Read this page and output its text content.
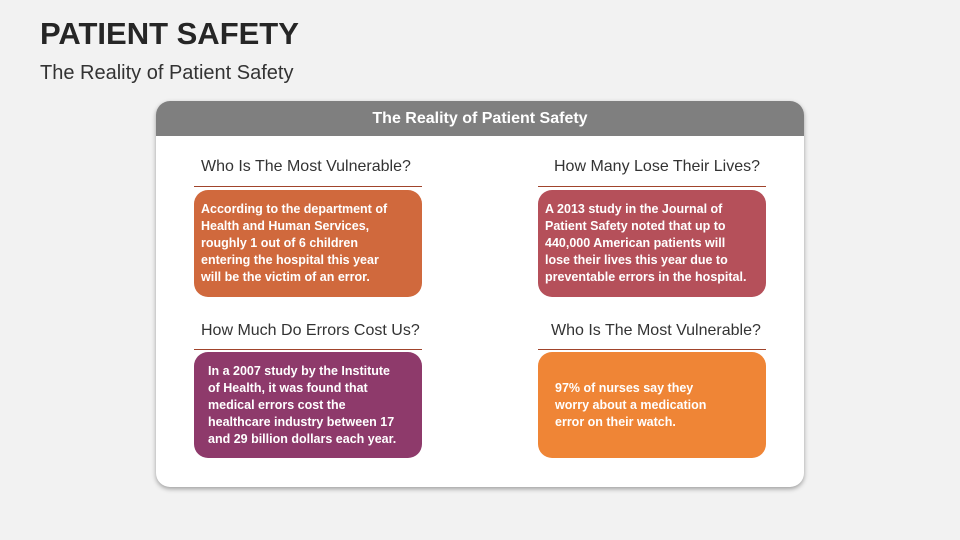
PATIENT SAFETY
The Reality of Patient Safety
The Reality of Patient Safety
Who Is The Most Vulnerable?
According to the department of
Health and Human Services,
roughly 1 out of 6 children
entering the hospital this year
will be the victim of an error.
How Many Lose Their Lives?
A 2013 study in the Journal of
Patient Safety noted that up to
440,000 American patients will
lose their lives this year due to
preventable errors in the hospital.
How Much Do Errors Cost Us?
In a 2007 study by the Institute
of Health, it was found that
medical errors cost the
healthcare industry between 17
and 29 billion dollars each year.
Who Is The Most Vulnerable?
97% of nurses say they
worry about a medication
error on their watch.
